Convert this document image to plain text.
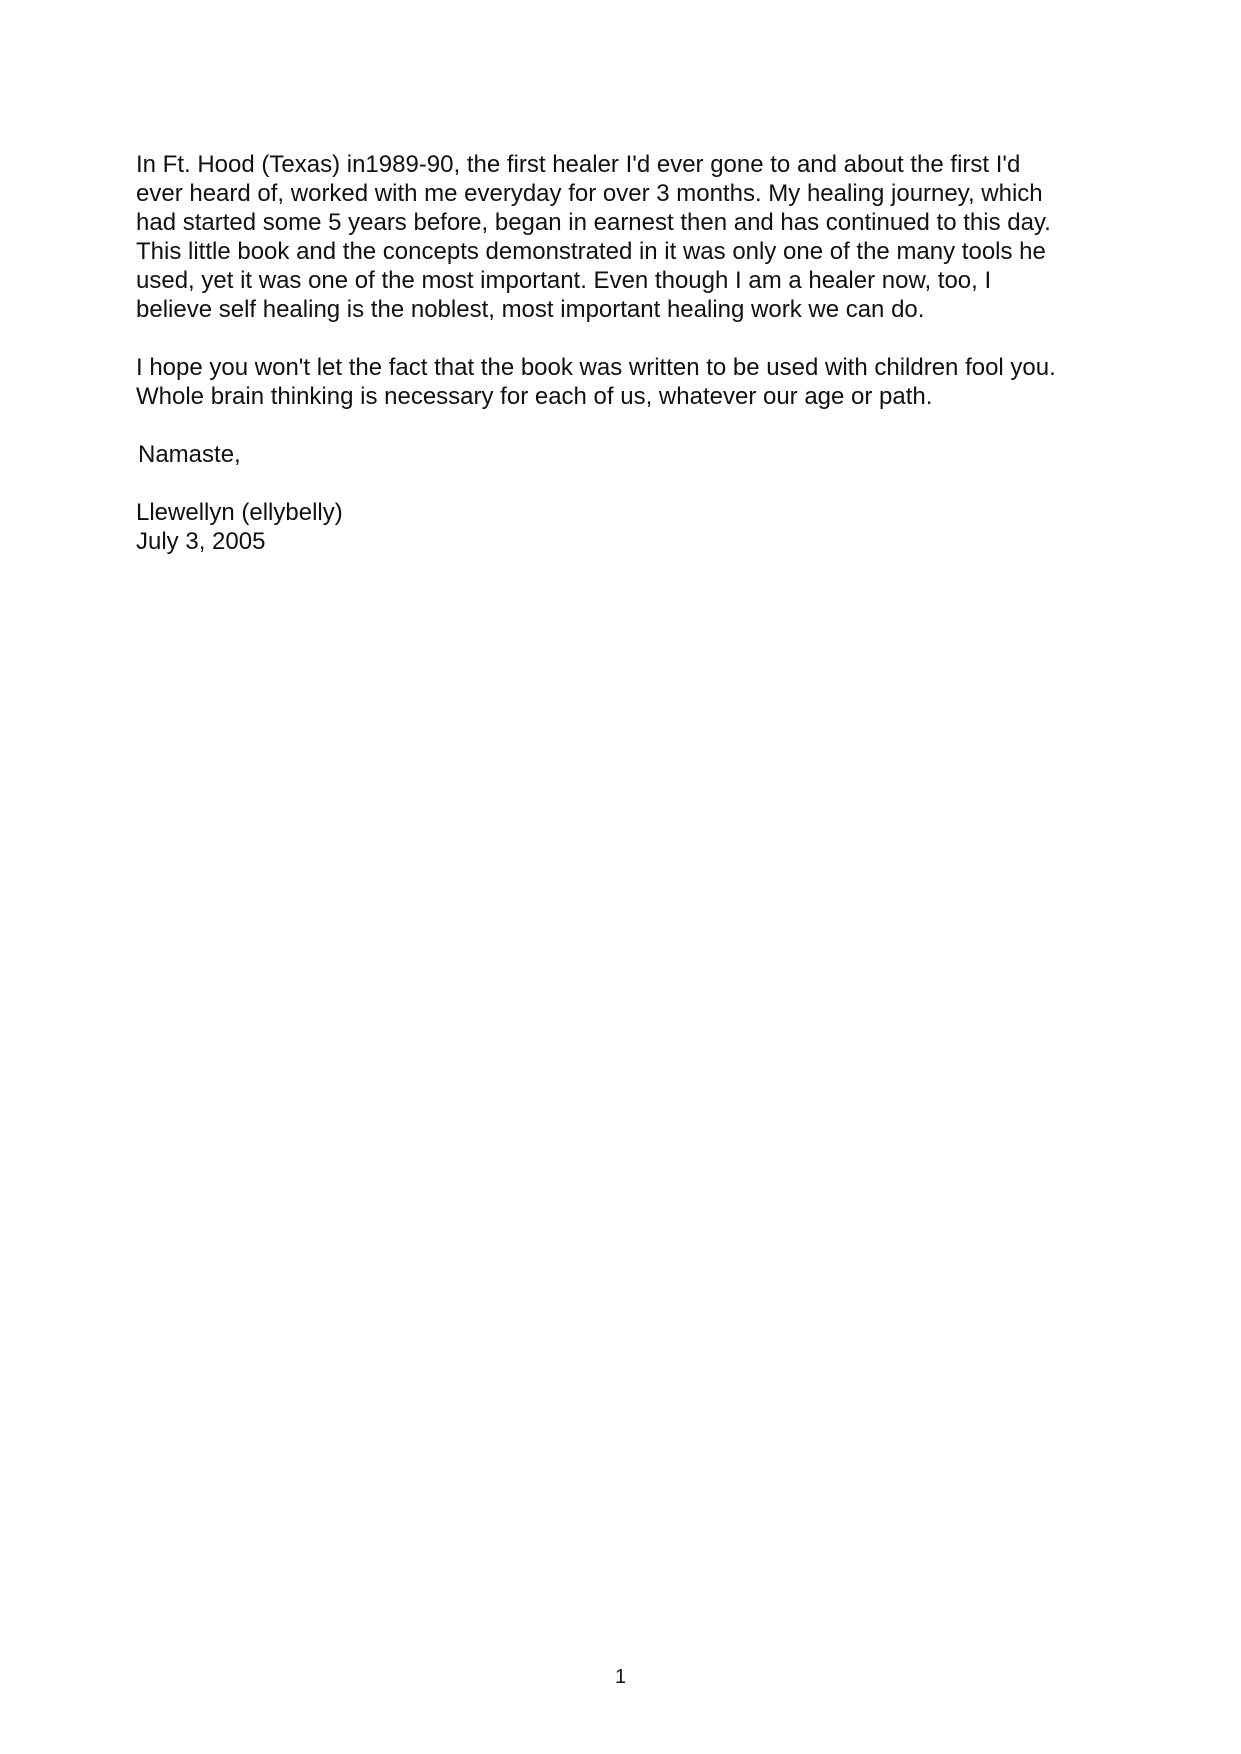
In Ft. Hood (Texas) in1989-90, the first healer I'd ever gone to and about the first I'd
ever heard of, worked with me everyday for over 3 months. My healing journey, which
had started some 5 years before, began in earnest then and has continued to this day.
This little book and the concepts demonstrated in it was only one of the many tools he
used, yet it was one of the most important. Even though I am a healer now, too, I
believe self healing is the noblest, most important healing work we can do.
I hope you won't let the fact that the book was written to be used with children fool you.
Whole brain thinking is necessary for each of us, whatever our age or path.
Namaste,
Llewellyn (ellybelly)
July 3, 2005
1
